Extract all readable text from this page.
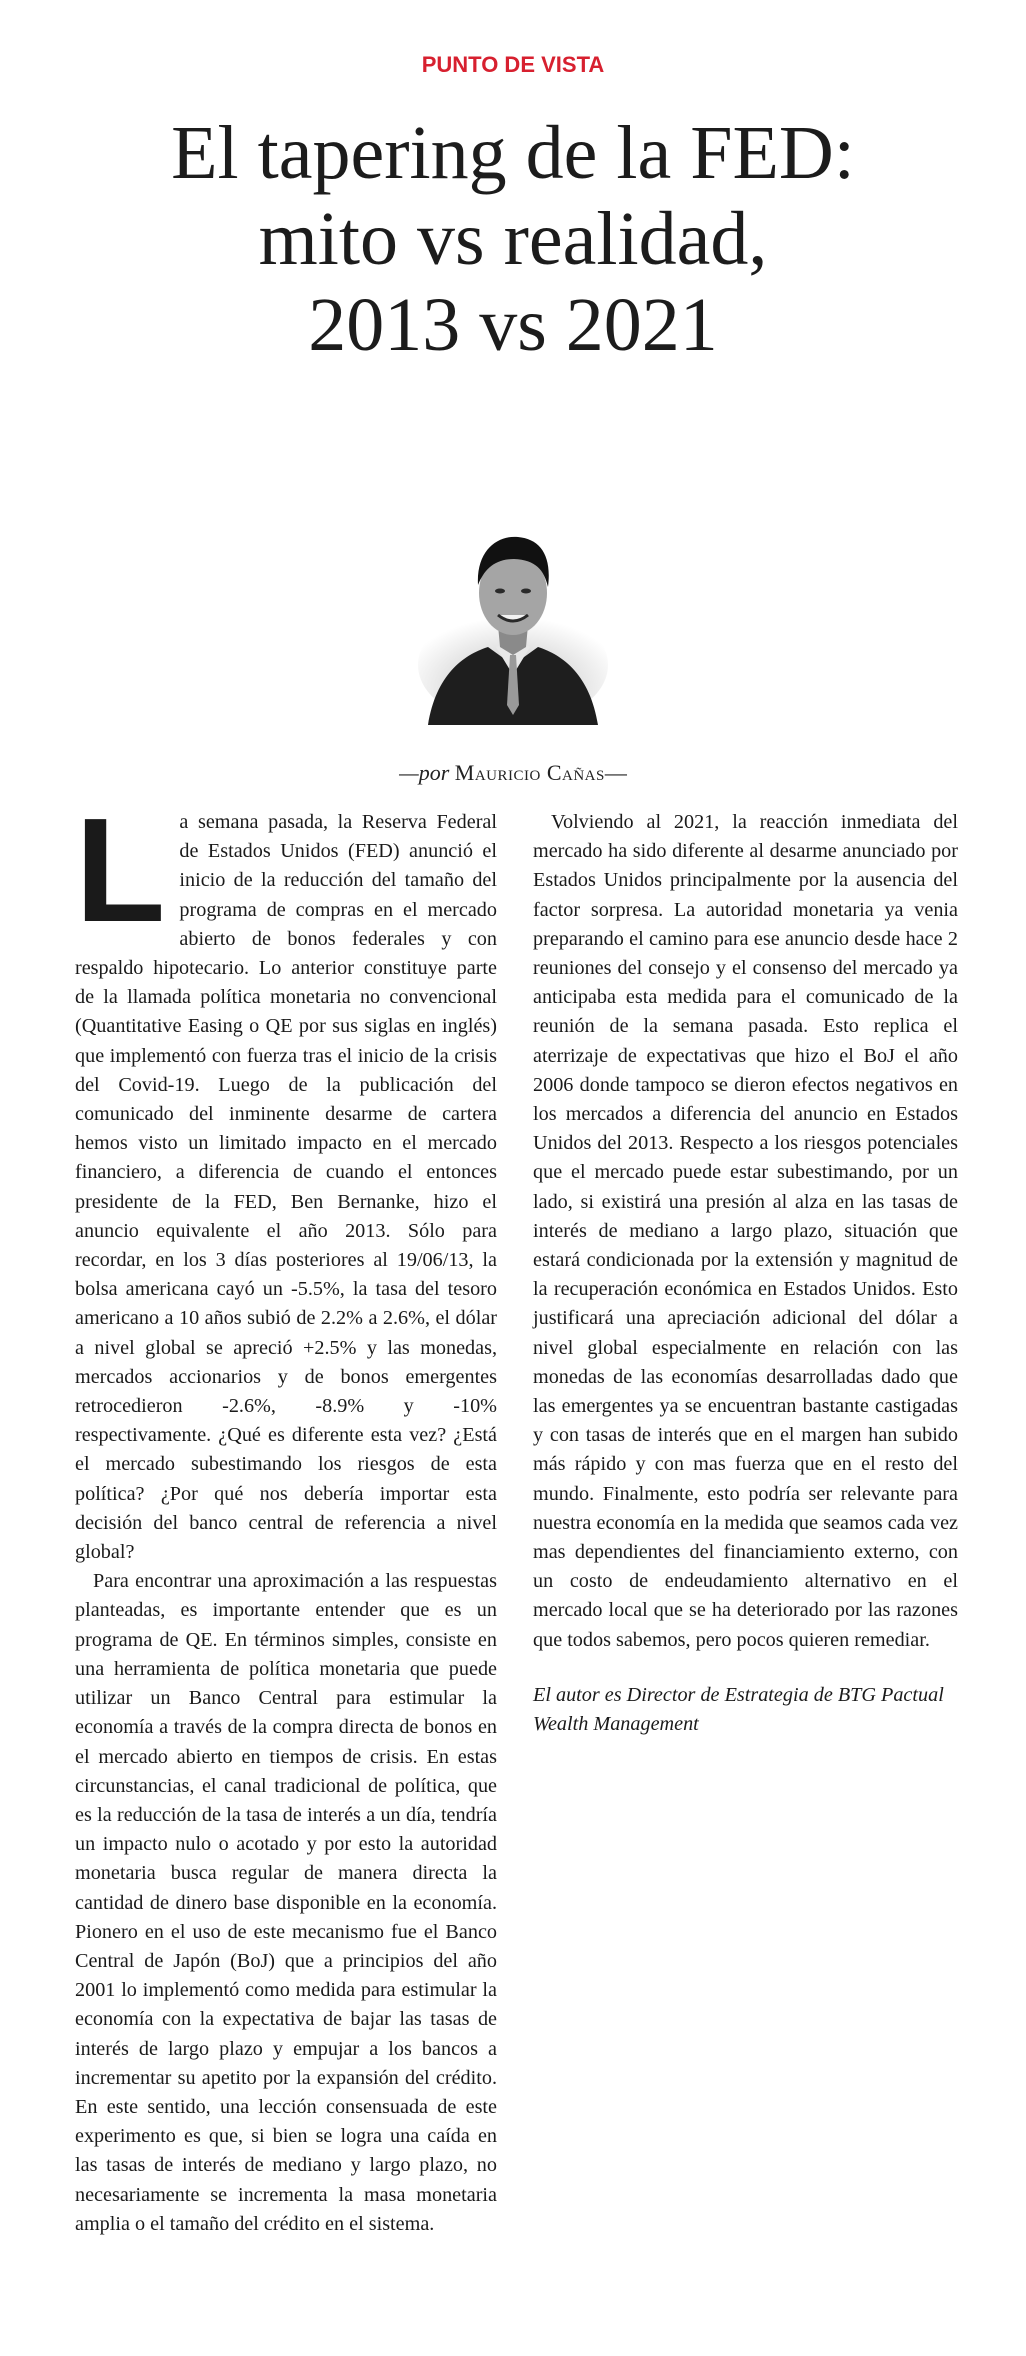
PUNTO DE VISTA
El tapering de la FED:
mito vs realidad,
2013 vs 2021
—por Mauricio Cañas—

La semana pasada, la Reserva Federal de Estados Unidos (FED) anunció el inicio de la reducción del tamaño del programa de compras en el mercado abierto de bonos federales y con respaldo hipotecario. Lo anterior constituye parte de la llamada política monetaria no convencional (Quantitative Easing o QE por sus siglas en inglés) que implementó con fuerza tras el inicio de la crisis del Covid-19. Luego de la publicación del comunicado del inminente desarme de cartera hemos visto un limitado impacto en el mercado financiero, a diferencia de cuando el entonces presidente de la FED, Ben Bernanke, hizo el anuncio equivalente el año 2013. Sólo para recordar, en los 3 días posteriores al 19/06/13, la bolsa americana cayó un -5.5%, la tasa del tesoro americano a 10 años subió de 2.2% a 2.6%, el dólar a nivel global se apreció +2.5% y las monedas, mercados accionarios y de bonos emergentes retrocedieron -2.6%, -8.9% y -10% respectivamente. ¿Qué es diferente esta vez? ¿Está el mercado subestimando los riesgos de esta política? ¿Por qué nos debería importar esta decisión del banco central de referencia a nivel global?

Para encontrar una aproximación a las respuestas planteadas, es importante entender que es un programa de QE. En términos simples, consiste en una herramienta de política monetaria que puede utilizar un Banco Central para estimular la economía a través de la compra directa de bonos en el mercado abierto en tiempos de crisis. En estas circunstancias, el canal tradicional de política, que es la reducción de la tasa de interés a un día, tendría un impacto nulo o acotado y por esto la autoridad monetaria busca regular de manera directa la cantidad de dinero base disponible en la economía. Pionero en el uso de este mecanismo fue el Banco Central de Japón (BoJ) que a principios del año 2001 lo implementó como medida para estimular la economía con la expectativa de bajar las tasas de interés de largo plazo y empujar a los bancos a incrementar su apetito por la expansión del crédito. En este sentido, una lección consensuada de este experimento es que, si bien se logra una caída en las tasas de interés de mediano y largo plazo, no necesariamente se incrementa la masa monetaria amplia o el tamaño del crédito en el sistema.

Volviendo al 2021, la reacción inmediata del mercado ha sido diferente al desarme anunciado por Estados Unidos principalmente por la ausencia del factor sorpresa. La autoridad monetaria ya venia preparando el camino para ese anuncio desde hace 2 reuniones del consejo y el consenso del mercado ya anticipaba esta medida para el comunicado de la reunión de la semana pasada. Esto replica el aterrizaje de expectativas que hizo el BoJ el año 2006 donde tampoco se dieron efectos negativos en los mercados a diferencia del anuncio en Estados Unidos del 2013. Respecto a los riesgos potenciales que el mercado puede estar subestimando, por un lado, si existirá una presión al alza en las tasas de interés de mediano a largo plazo, situación que estará condicionada por la extensión y magnitud de la recuperación económica en Estados Unidos. Esto justificará una apreciación adicional del dólar a nivel global especialmente en relación con las monedas de las economías desarrolladas dado que las emergentes ya se encuentran bastante castigadas y con tasas de interés que en el margen han subido más rápido y con mas fuerza que en el resto del mundo. Finalmente, esto podría ser relevante para nuestra economía en la medida que seamos cada vez mas dependientes del financiamiento externo, con un costo de endeudamiento alternativo en el mercado local que se ha deteriorado por las razones que todos sabemos, pero pocos quieren remediar.

El autor es Director de Estrategia de BTG Pactual Wealth Management
